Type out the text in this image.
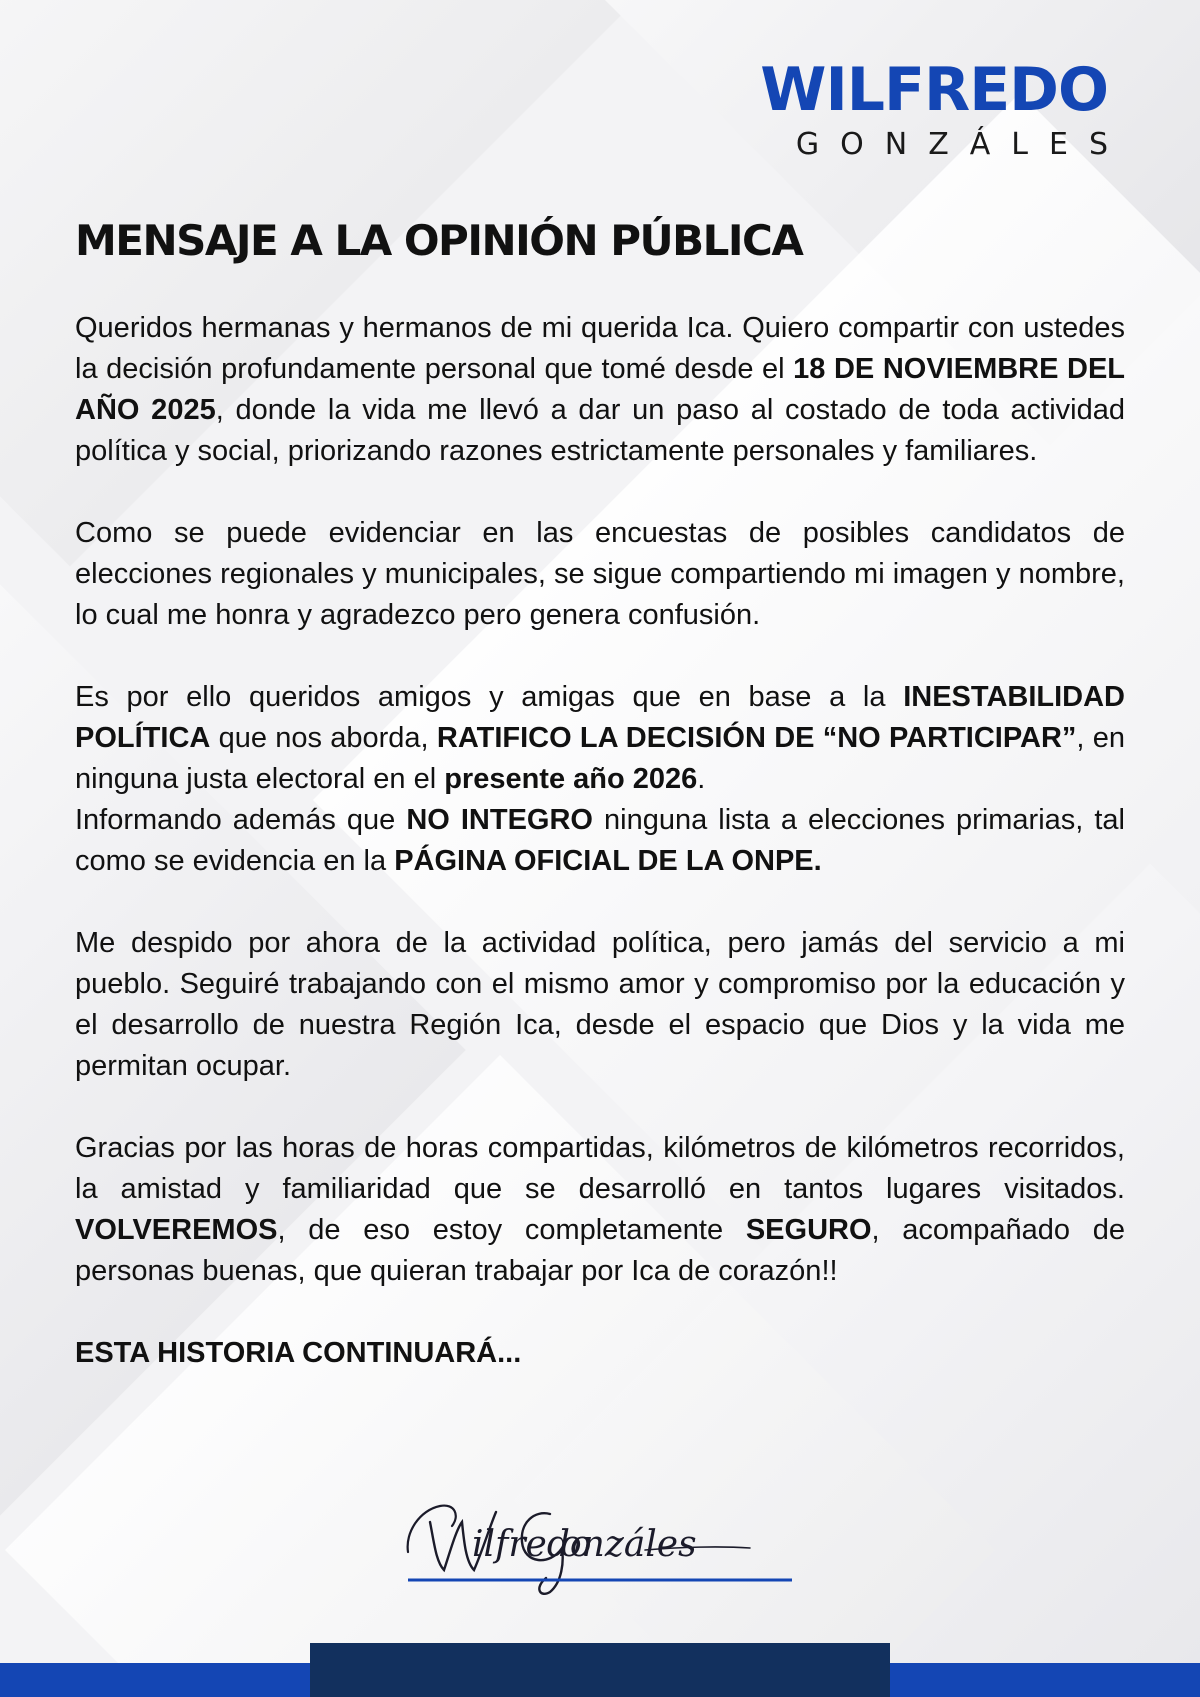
WILFREDO
GONZÁLES
MENSAJE A LA OPINIÓN PÚBLICA

Queridos hermanas y hermanos de mi querida Ica. Quiero compartir con ustedes la decisión profundamente personal que tomé desde el 18 DE NOVIEMBRE DEL AÑO 2025, donde la vida me llevó a dar un paso al costado de toda actividad política y social, priorizando razones estrictamente personales y familiares.

Como se puede evidenciar en las encuestas de posibles candidatos de elecciones regionales y municipales, se sigue compartiendo mi imagen y nombre, lo cual me honra y agradezco pero genera confusión.

Es por ello queridos amigos y amigas que en base a la INESTABILIDAD POLÍTICA que nos aborda, RATIFICO LA DECISIÓN DE “NO PARTICIPAR”, en ninguna justa electoral en el presente año 2026.

Informando además que NO INTEGRO ninguna lista a elecciones primarias, tal como se evidencia en la PÁGINA OFICIAL DE LA ONPE.

Me despido por ahora de la actividad política, pero jamás del servicio a mi pueblo. Seguiré trabajando con el mismo amor y compromiso por la educación y el desarrollo de nuestra Región Ica, desde el espacio que Dios y la vida me permitan ocupar.

Gracias por las horas de horas compartidas, kilómetros de kilómetros recorridos, la amistad y familiaridad que se desarrolló en tantos lugares visitados. VOLVEREMOS, de eso estoy completamente SEGURO, acompañado de personas buenas, que quieran trabajar por Ica de corazón!!

ESTA HISTORIA CONTINUARÁ...

ilfredo
onzáles
